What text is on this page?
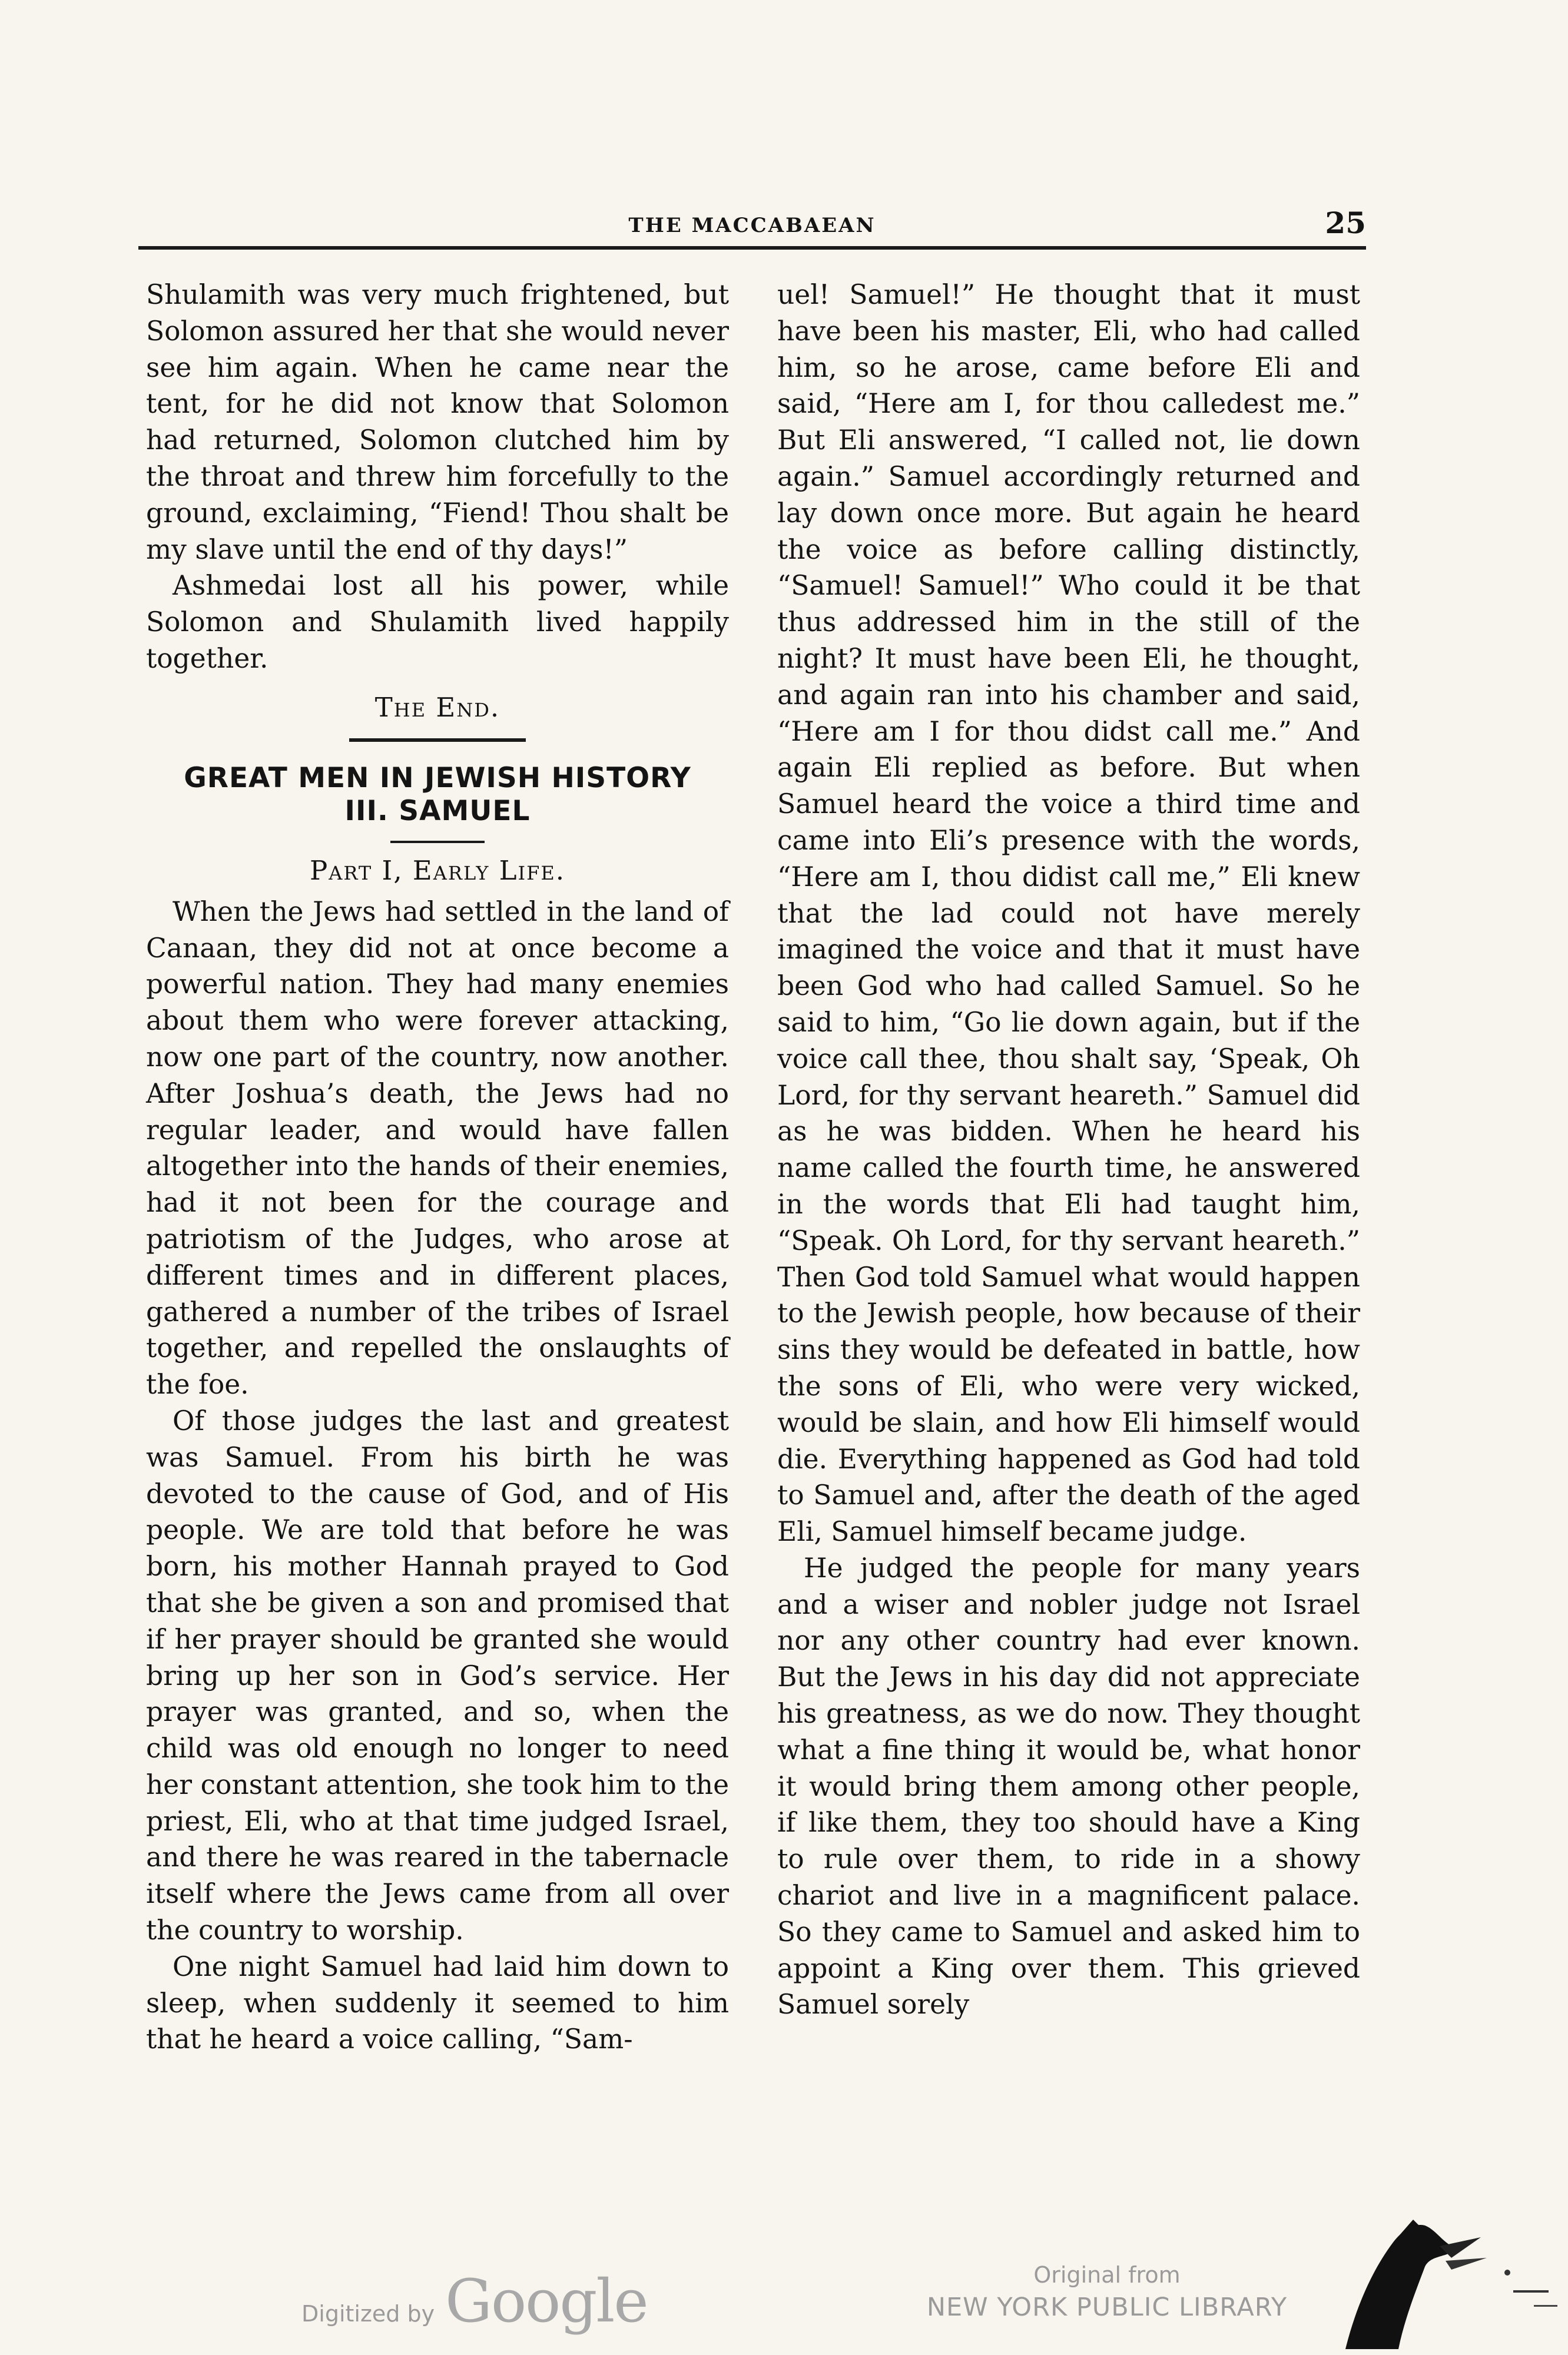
THE MACCABAEAN	25

Shulamith was very much frightened, but Solomon assured her that she would never see him again. When he came near the tent, for he did not know that Solomon had returned, Solomon clutched him by the throat and threw him forcefully to the ground, exclaiming, “Fiend! Thou shalt be my slave until the end of thy days!”

Ashmedai lost all his power, while Solomon and Shulamith lived happily together.

The End.
GREAT MEN IN JEWISH HISTORY
III. SAMUEL
Part I, Early Life.

When the Jews had settled in the land of Canaan, they did not at once become a powerful nation. They had many enemies about them who were forever attacking, now one part of the country, now another. After Joshua’s death, the Jews had no regular leader, and would have fallen altogether into the hands of their enemies, had it not been for the courage and patriotism of the Judges, who arose at different times and in different places, gathered a number of the tribes of Israel together, and repelled the onslaughts of the foe.

Of those judges the last and greatest was Samuel. From his birth he was devoted to the cause of God, and of His people. We are told that before he was born, his mother Hannah prayed to God that she be given a son and promised that if her prayer should be granted she would bring up her son in God’s service. Her prayer was granted, and so, when the child was old enough no longer to need her constant attention, she took him to the priest, Eli, who at that time judged Israel, and there he was reared in the tabernacle itself where the Jews came from all over the country to worship.

One night Samuel had laid him down to sleep, when suddenly it seemed to him that he heard a voice calling, “Sam-

uel! Samuel!” He thought that it must have been his master, Eli, who had called him, so he arose, came before Eli and said, “Here am I, for thou calledest me.” But Eli answered, “I called not, lie down again.” Samuel accordingly returned and lay down once more. But again he heard the voice as before calling distinctly, “Samuel! Samuel!” Who could it be that thus addressed him in the still of the night? It must have been Eli, he thought, and again ran into his chamber and said, “Here am I for thou didst call me.” And again Eli replied as before. But when Samuel heard the voice a third time and came into Eli’s presence with the words, “Here am I, thou didist call me,” Eli knew that the lad could not have merely imagined the voice and that it must have been God who had called Samuel. So he said to him, “Go lie down again, but if the voice call thee, thou shalt say, ‘Speak, Oh Lord, for thy servant heareth.” Samuel did as he was bidden. When he heard his name called the fourth time, he answered in the words that Eli had taught him, “Speak. Oh Lord, for thy servant heareth.” Then God told Samuel what would happen to the Jewish people, how because of their sins they would be defeated in battle, how the sons of Eli, who were very wicked, would be slain, and how Eli himself would die. Everything happened as God had told to Samuel and, after the death of the aged Eli, Samuel himself became judge.

He judged the people for many years and a wiser and nobler judge not Israel nor any other country had ever known. But the Jews in his day did not appreciate his greatness, as we do now. They thought what a fine thing it would be, what honor it would bring them among other people, if like them, they too should have a King to rule over them, to ride in a showy chariot and live in a magnificent palace. So they came to Samuel and asked him to appoint a King over them. This grieved Samuel sorely

Digitized by Google	Original from
NEW YORK PUBLIC LIBRARY
